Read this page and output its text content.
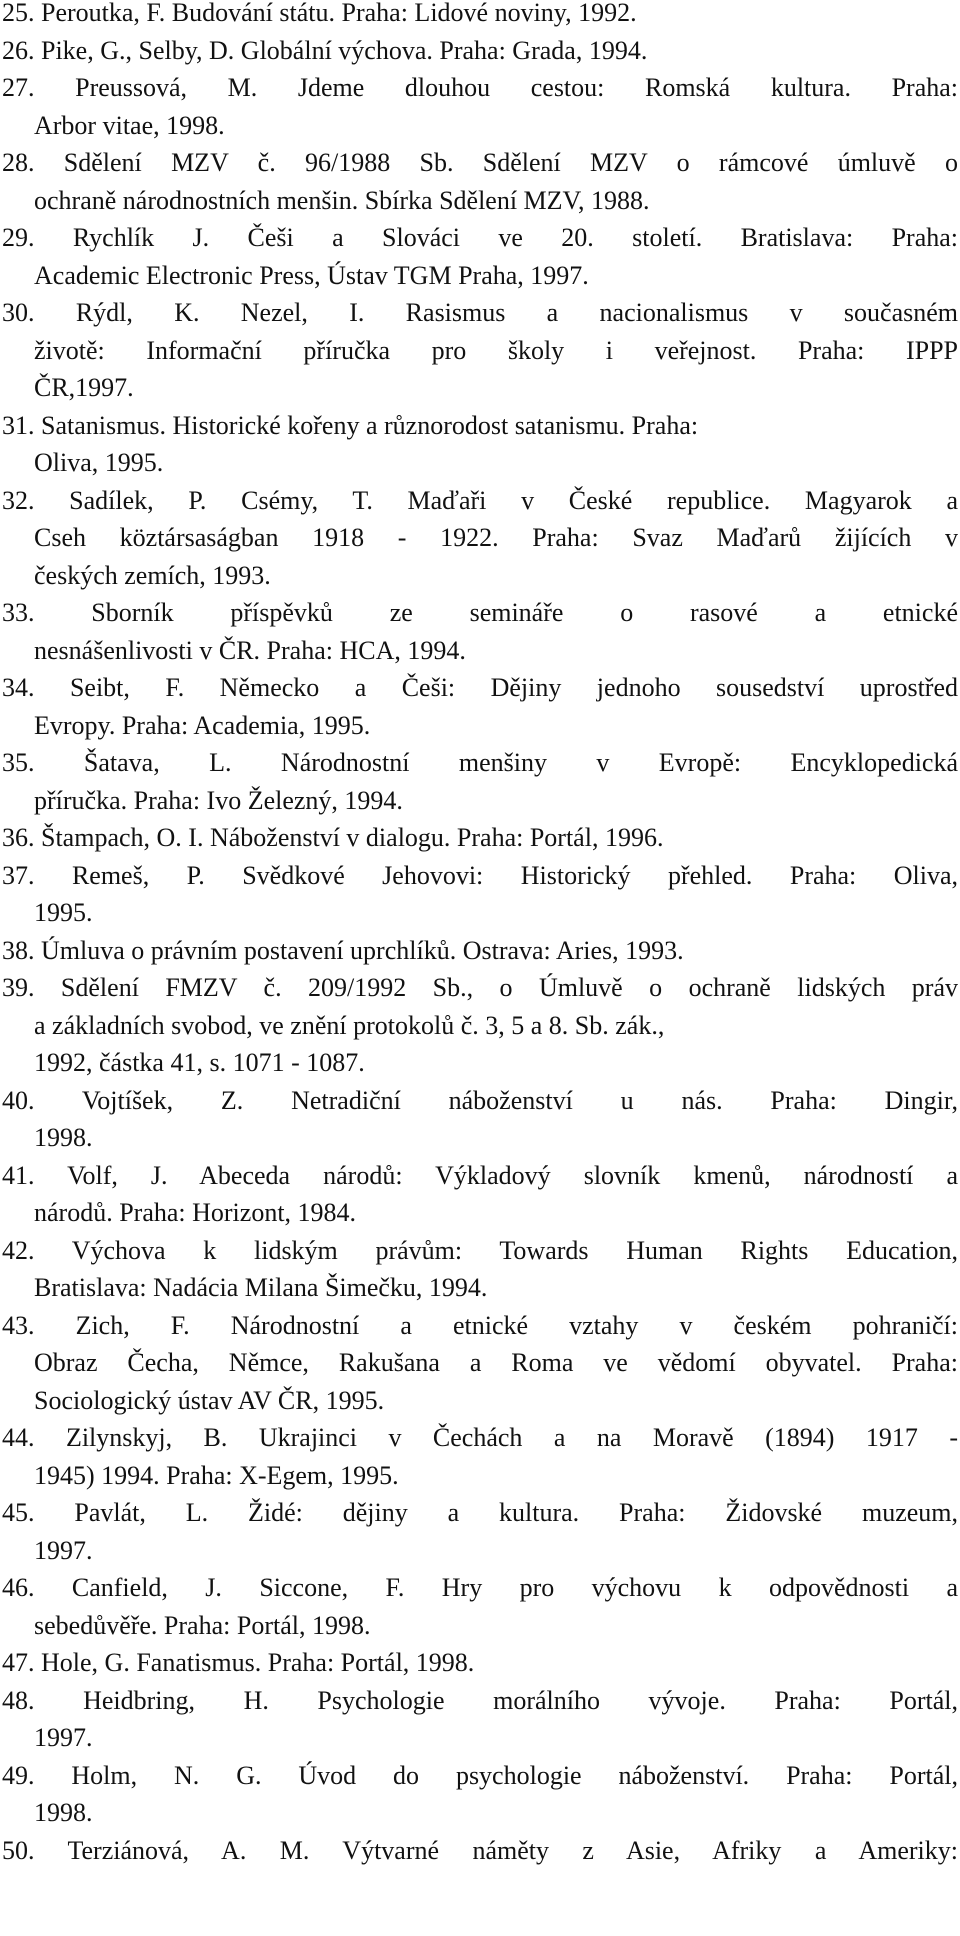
25. Peroutka, F. Budování státu. Praha: Lidové noviny, 1992.
26. Pike, G., Selby, D. Globální výchova. Praha: Grada, 1994.
27. Preussová, M. Jdeme dlouhou cestou: Romská kultura. Praha:
Arbor vitae, 1998.
28. Sdělení MZV č. 96/1988 Sb. Sdělení MZV o rámcové úmluvě o
ochraně národnostních menšin. Sbírka Sdělení MZV, 1988.
29. Rychlík J. Češi a Slováci ve 20. století. Bratislava: Praha:
Academic Electronic Press, Ústav TGM Praha, 1997.
30. Rýdl, K. Nezel, I. Rasismus a nacionalismus v současném
životě: Informační příručka pro školy i veřejnost. Praha: IPPP
ČR,1997.
31. Satanismus. Historické kořeny a různorodost satanismu. Praha:
Oliva, 1995.
32. Sadílek, P. Csémy, T. Maďaři v České republice. Magyarok a
Cseh köztársaságban 1918 - 1922. Praha: Svaz Maďarů žijících v
českých zemích, 1993.
33. Sborník příspěvků ze semináře o rasové a etnické
nesnášenlivosti v ČR. Praha: HCA, 1994.
34. Seibt, F. Německo a Češi: Dějiny jednoho sousedství uprostřed
Evropy. Praha: Academia, 1995.
35. Šatava, L. Národnostní menšiny v Evropě: Encyklopedická
příručka. Praha: Ivo Železný, 1994.
36. Štampach, O. I. Náboženství v dialogu. Praha: Portál, 1996.
37. Remeš, P. Svědkové Jehovovi: Historický přehled. Praha: Oliva,
1995.
38. Úmluva o právním postavení uprchlíků. Ostrava: Aries, 1993.
39. Sdělení FMZV č. 209/1992 Sb., o Úmluvě o ochraně lidských práv
a základních svobod, ve znění protokolů č. 3, 5 a 8. Sb. zák.,
1992, částka 41, s. 1071 - 1087.
40. Vojtíšek, Z. Netradiční náboženství u nás. Praha: Dingir,
1998.
41. Volf, J. Abeceda národů: Výkladový slovník kmenů, národností a
národů. Praha: Horizont, 1984.
42. Výchova k lidským právům: Towards Human Rights Education,
Bratislava: Nadácia Milana Šimečku, 1994.
43. Zich, F. Národnostní a etnické vztahy v českém pohraničí:
Obraz Čecha, Němce, Rakušana a Roma ve vědomí obyvatel. Praha:
Sociologický ústav AV ČR, 1995.
44. Zilynskyj, B. Ukrajinci v Čechách a na Moravě (1894) 1917 -
1945) 1994. Praha: X-Egem, 1995.
45. Pavlát, L. Židé: dějiny a kultura. Praha: Židovské muzeum,
1997.
46. Canfield, J. Siccone, F. Hry pro výchovu k odpovědnosti a
sebedůvěře. Praha: Portál, 1998.
47. Hole, G. Fanatismus. Praha: Portál, 1998.
48. Heidbring, H. Psychologie morálního vývoje. Praha: Portál,
1997.
49. Holm, N. G. Úvod do psychologie náboženství. Praha: Portál,
1998.
50. Terziánová, A. M. Výtvarné náměty z Asie, Afriky a Ameriky:
